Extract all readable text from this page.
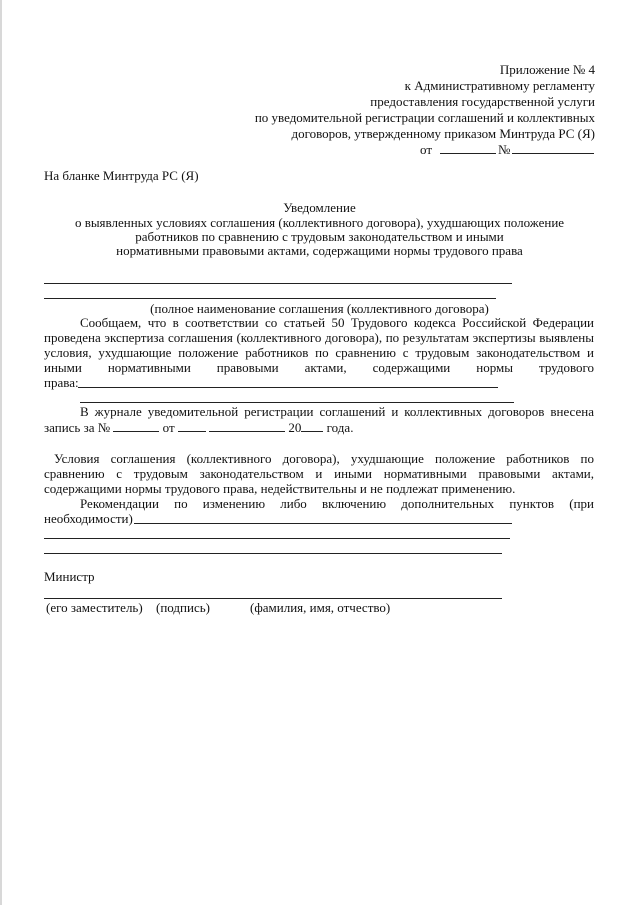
Приложение № 4
к Административному регламенту
предоставления государственной услуги
по уведомительной регистрации соглашений и коллективных
договоров, утвержденному приказом Минтруда РС (Я)
от	№
На бланке Минтруда РС (Я)
Уведомление
о выявленных условиях соглашения (коллективного договора), ухудшающих положение
работников по сравнению с трудовым законодательством и иными
нормативными правовыми актами, содержащими нормы трудового права
(полное наименование соглашения (коллективного договора)
Сообщаем, что в соответствии со статьей 50 Трудового кодекса Российской Федерации
проведена экспертиза соглашения (коллективного договора), по результатам экспертизы выявлены
условия, ухудшающие положение работников по сравнению с трудовым законодательством и
иными нормативными правовыми актами, содержащими нормы трудового
права:
В журнале уведомительной регистрации соглашений и коллективных договоров внесена
запись за №	от	20 года.
Условия соглашения (коллективного договора), ухудшающие положение работников по
сравнению с трудовым законодательством и иными нормативными правовыми актами,
содержащими нормы трудового права, недействительны и не подлежат применению.
Рекомендации по изменению либо включению дополнительных пунктов (при
необходимости)
Министр
(его заместитель) (подпись)	(фамилия, имя, отчество)
